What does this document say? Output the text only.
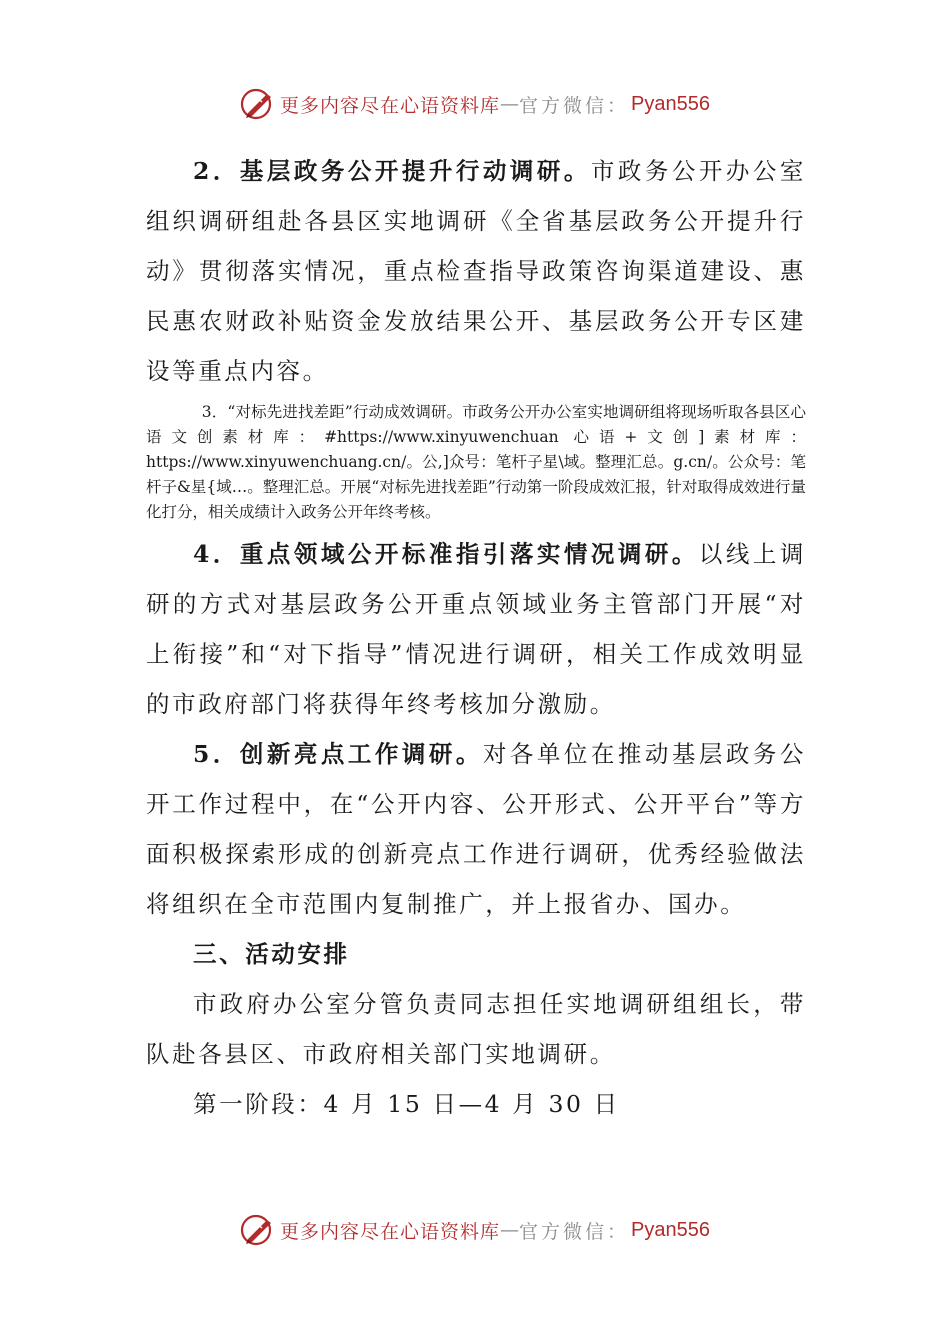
更多内容尽在心语资料库 — 官方微信： Pyan556

2．基层政务公开提升行动调研。市政务公开办公室组织调研组赴各县区实地调研《全省基层政务公开提升行动》贯彻落实情况，重点检查指导政策咨询渠道建设、惠民惠农财政补贴资金发放结果公开、基层政务公开专区建设等重点内容。

3．“对标先进找差距”行动成效调研。市政务公开办公室实地调研组将现场听取各县区心语文创素材库：#https://www.xinyuwenchuan 心语+文创]素材库：https://www.xinyuwenchuang.cn/。公,]众号：笔杆子星\域。整理汇总。g.cn/。公众号：笔杆子&星{域…。整理汇总。开展“对标先进找差距”行动第一阶段成效汇报，针对取得成效进行量化打分，相关成绩计入政务公开年终考核。

4．重点领域公开标准指引落实情况调研。以线上调研的方式对基层政务公开重点领域业务主管部门开展“对上衔接”和“对下指导”情况进行调研，相关工作成效明显的市政府部门将获得年终考核加分激励。

5．创新亮点工作调研。对各单位在推动基层政务公开工作过程中，在“公开内容、公开形式、公开平台”等方面积极探索形成的创新亮点工作进行调研，优秀经验做法将组织在全市范围内复制推广，并上报省办、国办。

三、活动安排

市政府办公室分管负责同志担任实地调研组组长，带队赴各县区、市政府相关部门实地调研。

第一阶段：4 月 15 日—4 月 30 日

更多内容尽在心语资料库 — 官方微信： Pyan556
